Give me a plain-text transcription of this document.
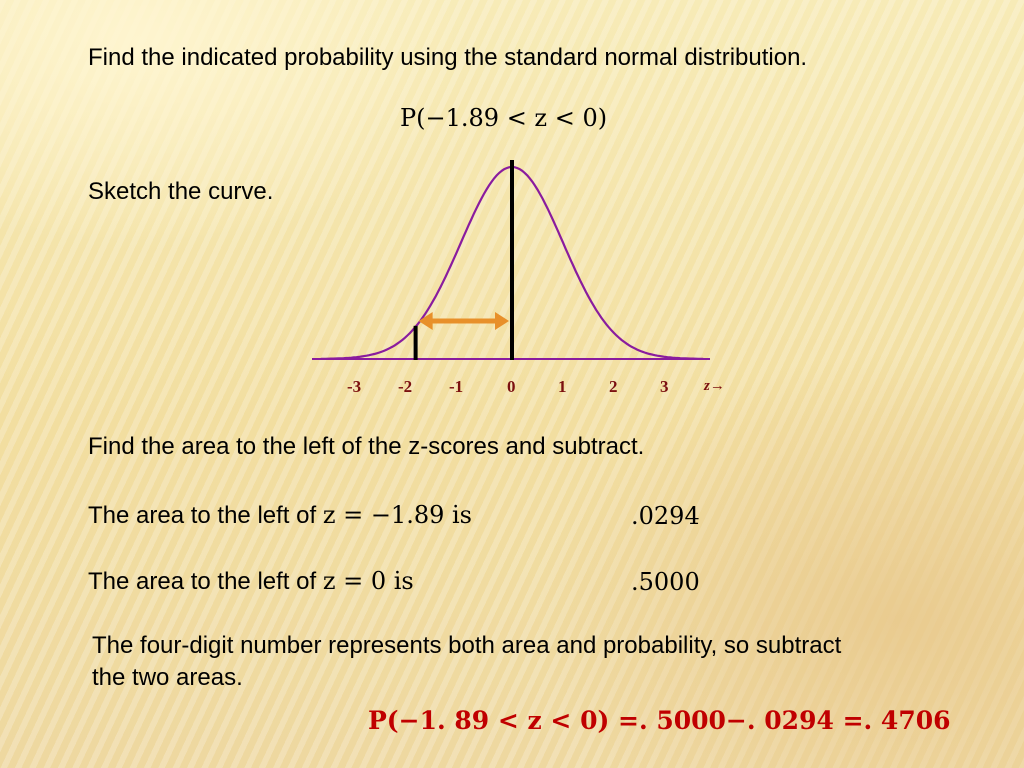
Find the indicated probability using the standard normal distribution.
P(−1.89 < z < 0)
Sketch the curve.
-3 -2 -1	0	1	2	3 z→
Find the area to the left of the z-scores and subtract.
The area to the left of z = −1.89 is	.0294
The area to the left of z = 0 is	.5000
The four-digit number represents both area and probability, so subtract
the two areas.
P(−1. 89 < z < 0) =. 5000−. 0294 =. 4706
